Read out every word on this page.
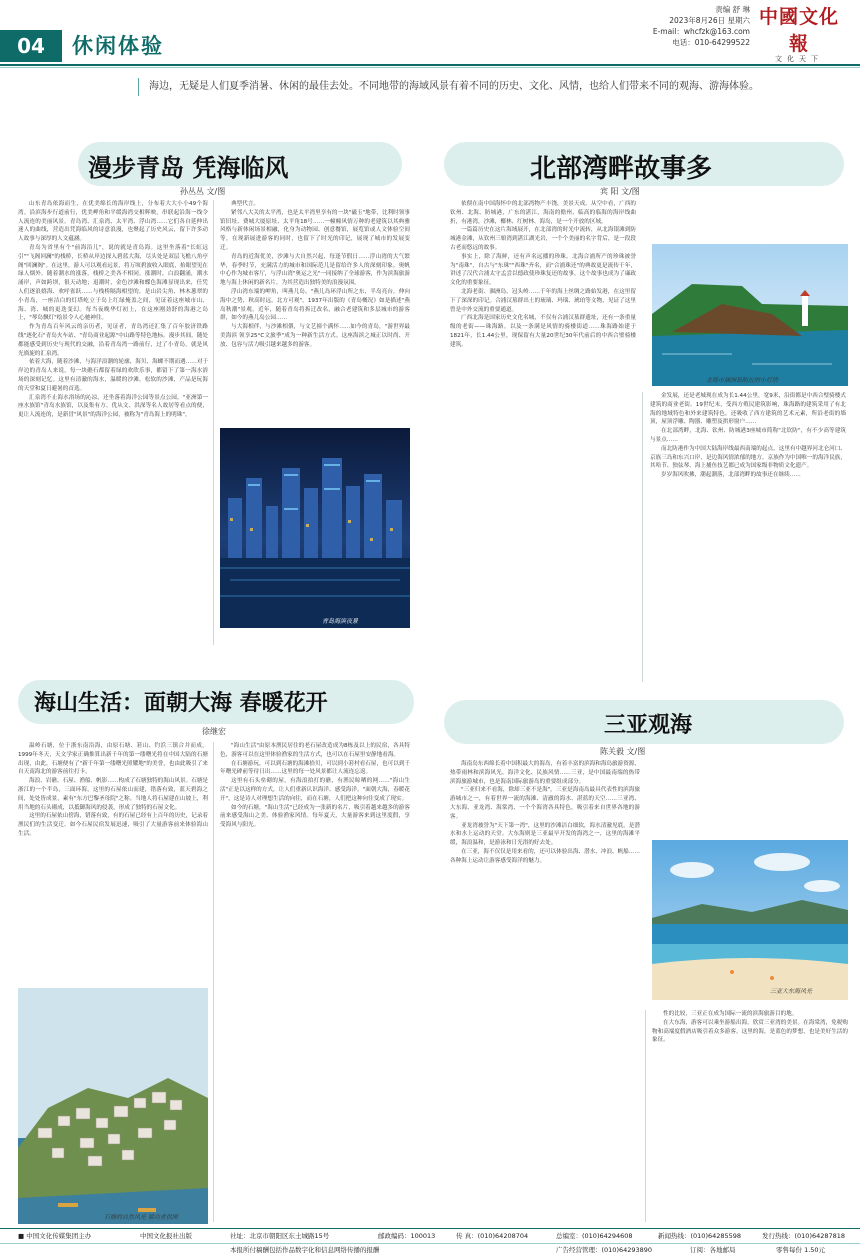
04	休闲体验
责编 舒 琳
2023年8月26日 星期六
E-mail：whcfzk@163.com
电话：010-64299522
中國文化報
文化天下
海边，无疑是人们夏季消暑、休闲的最佳去处。不同地带的海域风景有着不同的历史、文化、风情，也给人们带来不同的观海、游海体验。
漫步青岛 凭海临风
孙丛丛 文/图

山东青岛依海而生，在优美绵长的海岸线上，分布着大大小小49个海湾。沿滨海步行道前行，优美岬角和平缓海湾交相辉映，串联起沿海一线令人流连的美丽风景。青岛湾、汇泉湾、太平湾、浮山湾……它们各自延伸出迷人的曲线，营造出凭海临风的诗意浪漫，也聚起了历史风云，留下许多动人故事与深厚的人文蕴涵。

青岛为省里有个"前海沿儿"，说的就是青岛海。这里坐落着"长虹远引""飞阁回澜"的栈桥，长桥从岸边探入碧蓝大海，尽头处是双层飞檐八角亭阁"回澜阁"。在这里，游人可以观看远景，将万顷碧波收入眼底，抬眼望见在绿人烟外。随着潮水的涨落，栈桥之美各不相同。涨潮时，白浪翻涌，潮水涌岸，声如跨坝，很天动地；退潮时，金色沙滩和蝶色海滩显现出来，任凭人们逐浪嬉海、欢呼雀跃……与栈桥隔海相望的，是山岩尖角、林木葱翠的小青岛，一座洁白的灯塔屹立于岛上红绿掩盖之间，见证着这座城市山、海、湾、城的更迭变幻。每当夜晚华灯初上，在这座刚劲舒的海港之岛上，"琴岛飘灯"绘景令人心驰神往。

作为青岛百年风云的亲历者，见证者，青岛湾还汇集了百年胶济铁路线"逐化石"青岛火车站、"青岛商业起源"中山路等特色地标。漫步其间，随处都能感受到历史与现代的交融，沿着青岛湾一路前行，过了小青岛，就是风光旖旎的汇泉湾。

依着大海，随着沙滩，与海洋浪潮的轮廓，海贝、海螺不期而遇……对于岸边的青岛人来说，每一块礁石都留着绿的欢欣乐事，都留下了第一海水浴场的深刻记忆。这里有清澈的海水，温暖的沙滩，松软的沙滩，产品是玩海的天堂和夏日避暑的首选。

汇泉湾不止海水浴场的沁凉，还坐落着海洋公园等景点公园。"亚洲第一座水族馆"青岛水族馆，以及集有方、优从文、洪深等名人故居等看点的便，更让人流连的，是新冒"风景"的海洋公园，被称为"青岛海上的明珠"。

典型代言。

紧邻八大关的太平湾，也是太平湾里享有的一块"磁玉"地带，比利时领事馆旧址、费城大厦原址、太平角18号……一幢幢风情万种的老建筑以其典雅风格与新体闲场景相融，化身为动物园、创意餐馆，展览馆或人文体验空间等，在现新展进游客的同时，也留下了时光的印记，展现了城市的发展变迁。

青岛的近海优美，沙滩与大自然兴起，每逢节假日……浮山湾的大气繁华，春季时节，充满活力的城市和国际范儿是留给许多人的深刻印象。奥帆中心作为城市客厅，与浮山湾"奥运之光"一同接纳了全球游客，作为滨海旅游地与海上休闲的新名片，为其营造出独特美的浪漫氛围。

浮山湾东端的岬角，叫燕儿岛。"燕儿岛环浮山所之东，半岛亮台，伸向海中之势，秋高时远，北方可观"。1937年出版的《青岛概况》如是描述"燕岛秋潮"景观。近年，随着青岛将拆迁改名，融合老建筑和多层城市的游客群，如今的燕儿岛公园……

与大海相伴，与沙滩相偎，与文艺撞个满怀……如今的青岛，"游世界最美海滨 领享25°C文旅季"成为一种新生活方式。这座海滨之城正以时尚、开放、包容与活力吸引越来越多的游客。

青岛海滨夜景
北部湾畔故事多
宾 阳 文/图

依偎在南中国海怀中的北部湾物产丰饶，美景天成。从空中看，广西的钦州、北海、防城港，广东的湛江，海南的儋州、临高的临海的海岸线曲折，有港湾，沙滩，椰林、红树林、海岛，是一个开放的区域。

一篇篇历史在这片海域展开，在北部湾的时光中流转，从北海银滩到防城港金滩，从钦州三娘湾到湛江湖光岩，一个个美丽的名字背后，是一段段古老而悠远的故事。

事实上，除了海鲜，还有声名远播的珍珠。北海合浦所产的珍珠被誉为"南珠"，自古与"东珠""西珠"齐名，而"合浦珠还"的典故更是流传千年，讲述了汉代合浦太守孟尝以德政使珍珠复还的故事，这个故事也成为了廉政文化的重要象征。

北海老街、涠洲岛、冠头岭……千年的海上丝绸之路始发港，在这里留下了深深的印记。合浦汉墓群出土的琉璃、玛瑙、琥珀等文物，见证了这里曾是中外交流的重要通道。

广西北海是国家历史文化名城，不仅有合浦汉墓群遗址，还有一条重量级的老街——珠海路。以及一条满是风情的骑楼街道……珠海路始建于1821年，长1.44公里，现保留有大量20世纪30年代前后的中西合璧骑楼建筑。

北海市涠洲岛附近的小灯塔

金发展，还是老城现在成为长1.44公里，宽9米，沿街都是中西合璧骑楼式建筑的商业老街。19世纪末，受西方殖民建筑影响，珠海路的建筑采用了有北海的地域特色和外来建筑特色，还吸收了西方建筑的艺术元素，所沿老街的墙顶，屋顶浮雕、陶器、雕塑及拱形窗户……

在北部湾畔，北海、钦州、防城港3座城市简称"北钦防"，有不少高等建筑与景点……

而北防港作为中国大陆海岸线最西南端的起点，这里有中越界河北仑河口、京族三岛和东兴口岸，是边海风情浓郁的地方。京族作为中国唯一的海洋民族，其哈节、独弦琴、海上捕鱼技艺都已成为国家级非物质文化遗产。

岁岁海风吹拂，潮起潮落，北部湾畔的故事还在继续……

海山生活：面朝大海 春暖花开
徐继宏

温岭石塘，位于浙东南沿海，由原石塘、箬山、钓浜三镇合并而成。1999年冬天，天文学家正确推算出新千年的第一缕曙光将在中国大陆的石塘出现，由此，石塘便有了"新千年第一缕曙光照耀地"的美誉，也由此吸引了来自天南海北的游客前往打卡。

海浪、岩礁、石屋、渔船、帆影……构成了石塘独特的海山风景。石塘是浙江的一个半岛，三面环海，这里的石屋依山而建，错落有致，蓝天碧海之间，处处皆成景，素有"东方巴黎圣母院"之称。当地人将石屋建在山坡上，利用当地的石头砌成，以抵御海风的侵袭，形成了独特的石屋文化。

这里的石屋依山傍海，错落有致，有的石屋已经有上百年的历史，记录着渔民们的生活变迁。如今石屋民宿发展迅速，吸引了大量游客前来体验海山生活。

"海山生活"由原本渔民居住的老石屋改造成为8栋及以上的民宿，各具特色，游客可以在这里体验渔家的生活方式，也可以在石屋里安静地看海。

在石塘游玩，可以到石塘的海滩拾贝，可以到小箬村看石屋，也可以到千年曙光碑前等待日出……这里的每一处风景都让人流连忘返。

这里有石头垒砌的屋，有海浪拍打的礁，有渔民晾晒的网……"海山生活"正是以这样的方式，让人们重新认识海洋、感受海洋。"面朝大海，春暖花开"，这是诗人对理想生活的向往，而在石塘，人们把这种向往变成了现实。

如今的石塘，"海山生活"已经成为一张新的名片，吸引着越来越多的游客前来感受海山之美、体验渔家风情。每年夏天，大量游客来到这里度假，享受海风与阳光。

石塘的自然风光 梁功者供图
三亚观海
陈关毅 文/图

海南岛东西绵长着中国积最大的海岛，有着丰富的滨海和海岛旅游资源，热带雨林和滨海风光、海洋文化、民族风情……三亚，是中国最南端的热带滨海旅游城市，也是海南国际旅游岛的重要组成部分。

"三亚归来不看海，除却三亚不是海"。三亚是海南岛最具代表性的滨海旅游城市之一，有着世界一流的海滩、清澈的海水、湛蓝的天空……三亚湾、大东海、亚龙湾、海棠湾，一个个海湾各具特色，吸引着来自世界各地的游客。

亚龙湾被誉为"天下第一湾"，这里的沙滩洁白细软，海水清澈见底，是潜水和水上运动的天堂。大东海则是三亚最早开发的海湾之一，这里的海滩平缓，海浪温和，是游泳和日光浴的好去处。

在三亚，海不仅仅是用来看的，还可以体验出海、潜水、冲浪、帆船……各种海上运动让游客感受海洋的魅力。

三亚大东海风光

性的比较，三亚正在成为国际一流的滨海旅游目的地。

在大东海，游客可以乘坐游船出海，欣赏三亚湾的美景。在海棠湾，免税购物和高端度假酒店吸引着众多游客。这里的海，是蓝色的梦想，也是美好生活的象征。

■ 中国文化传媒集团主办	中国文化报社出版	社址：北京市朝阳区东土城路15号	邮政编码：100013	传 真：(010)64208704	总编室：(010)64294608	新闻热线：(010)64285598	发行热线：(010)64287818
本报所付稿酬包括作品数字化和信息网络传播的报酬	广告经营管理：(010)64293890	订阅：各地邮局	零售每份 1.50元
